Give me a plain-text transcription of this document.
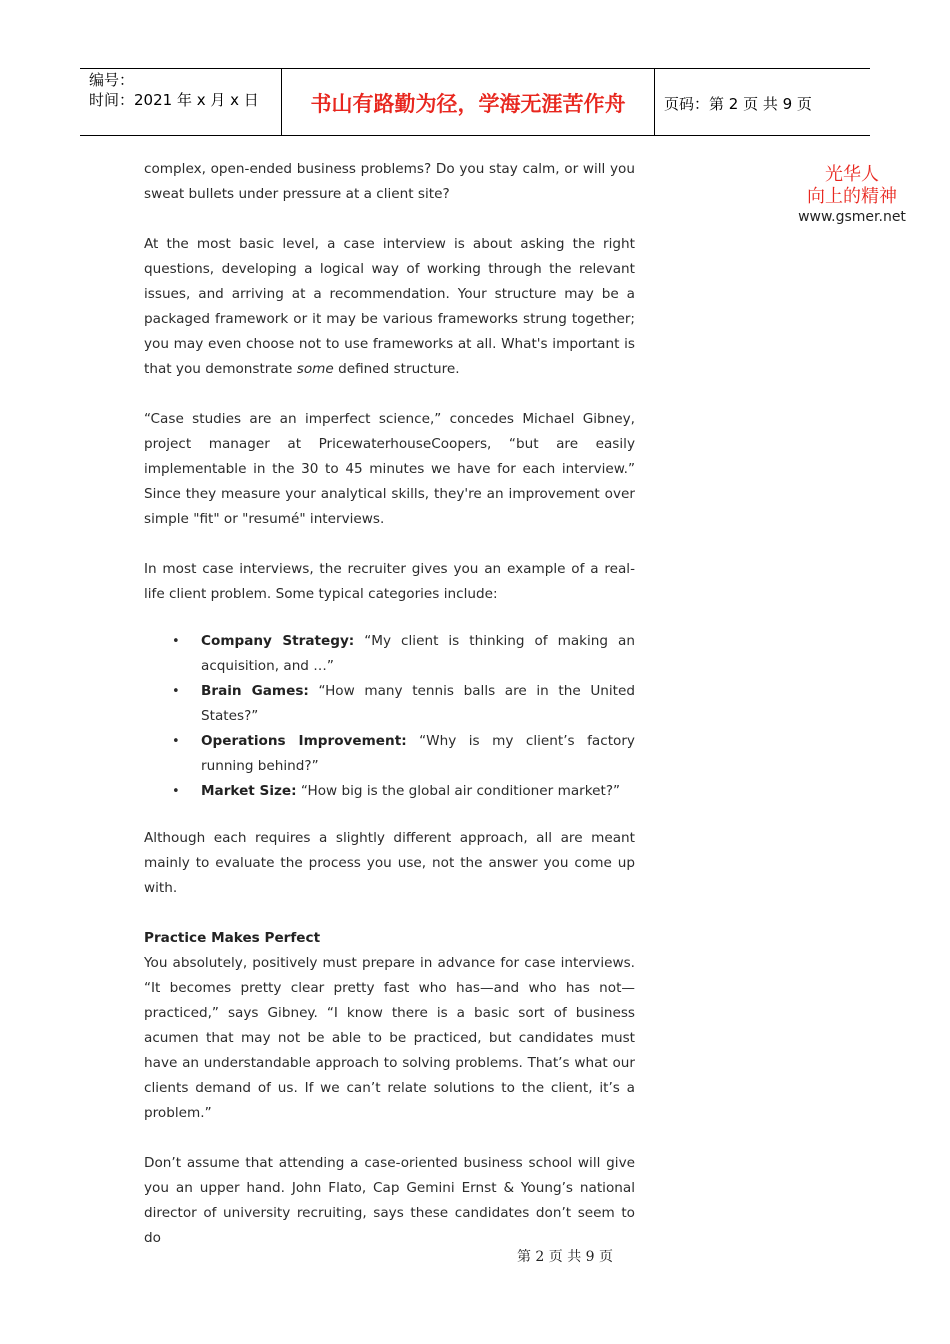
编号：
时间：2021 年 x 月 x 日	书山有路勤为径，学海无涯苦作舟	页码：第 2 页 共 9 页
光华人
向上的精神
www.gsmer.net

complex, open-ended business problems? Do you stay calm, or will you sweat bullets under pressure at a client site?

At the most basic level, a case interview is about asking the right questions, developing a logical way of working through the relevant issues, and arriving at a recommendation. Your structure may be a packaged framework or it may be various frameworks strung together; you may even choose not to use frameworks at all. What's important is that you demonstrate some defined structure.

“Case studies are an imperfect science,” concedes Michael Gibney, project manager at PricewaterhouseCoopers, “but are easily implementable in the 30 to 45 minutes we have for each interview.” Since they measure your analytical skills, they're an improvement over simple "fit" or "resumé" interviews.

In most case interviews, the recruiter gives you an example of a real-life client problem. Some typical categories include:

• Company Strategy: “My client is thinking of making an acquisition, and …”
• Brain Games: “How many tennis balls are in the United States?”
• Operations Improvement: “Why is my client’s factory running behind?”
• Market Size: “How big is the global air conditioner market?”

Although each requires a slightly different approach, all are meant mainly to evaluate the process you use, not the answer you come up with.

Practice Makes Perfect

You absolutely, positively must prepare in advance for case interviews. “It becomes pretty clear pretty fast who has—and who has not—practiced,” says Gibney. “I know there is a basic sort of business acumen that may not be able to be practiced, but candidates must have an understandable approach to solving problems. That’s what our clients demand of us. If we can’t relate solutions to the client, it’s a problem.”

Don’t assume that attending a case-oriented business school will give you an upper hand. John Flato, Cap Gemini Ernst & Young’s national director of university recruiting, says these candidates don’t seem to do

第 2 页 共 9 页
